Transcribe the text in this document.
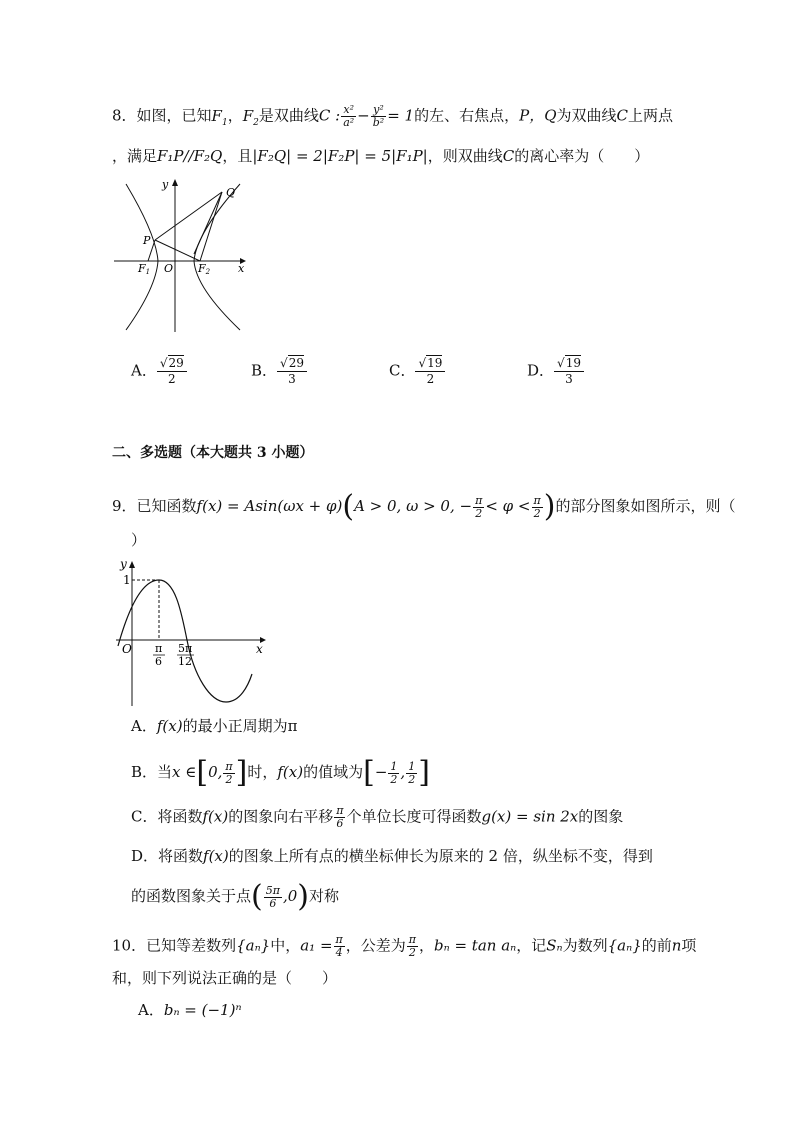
8．如图，已知$F_1$，$F_2$是双曲线C : $\frac{\text{x²}}{\text{a²}} - \frac{\text{y²}}{\text{b²}} = 1$的左、右焦点，P，Q为双曲线C上两点
，满足F₁P//F₂Q，且|F₂Q| = 2|F₂P| = 5|F₁P|，则双曲线C的离心率为（　　）
y
x
O
P
Q
F1	F2
A． $\frac{√29}{2}$	B． $\frac{√29}{3}$	C． $\frac{√19}{2}$	D． $\frac{√19}{3}$
二、多选题（本大题共 3 小题）
9．已知函数f(x) = Asin(ωx + φ)(A > 0, ω > 0, − $\frac{\pi}{2} < \varphi < \frac{\pi}{2}$ )的部分图象如图所示，则（
）
y
1
O	x
π
6
5π
12
A．f(x)的最小正周期为π
B．当x ∈[0, $\frac{\pi}{2}$ ]时，f(x)的值域为[− $\frac{1}{2}$ , $\frac{1}{2}$ ]
C．将函数f(x)的图象向右平移 $\frac{\pi}{6}$ 个单位长度可得函数g(x) = sin 2x的图象
D．将函数f(x)的图象上所有点的横坐标伸长为原来的 2 倍，纵坐标不变，得到
的函数图象关于点( $\frac{5\pi}{6} ,0$)对称
10．已知等差数列{aₙ}中，$a_1 = \frac{\pi}{4}$ ，公差为 $\frac{\pi}{2}$ ，bₙ = tan aₙ，记Sₙ为数列{aₙ}的前n项
和，则下列说法正确的是（　　）
A．bₙ = (−1)ⁿ
